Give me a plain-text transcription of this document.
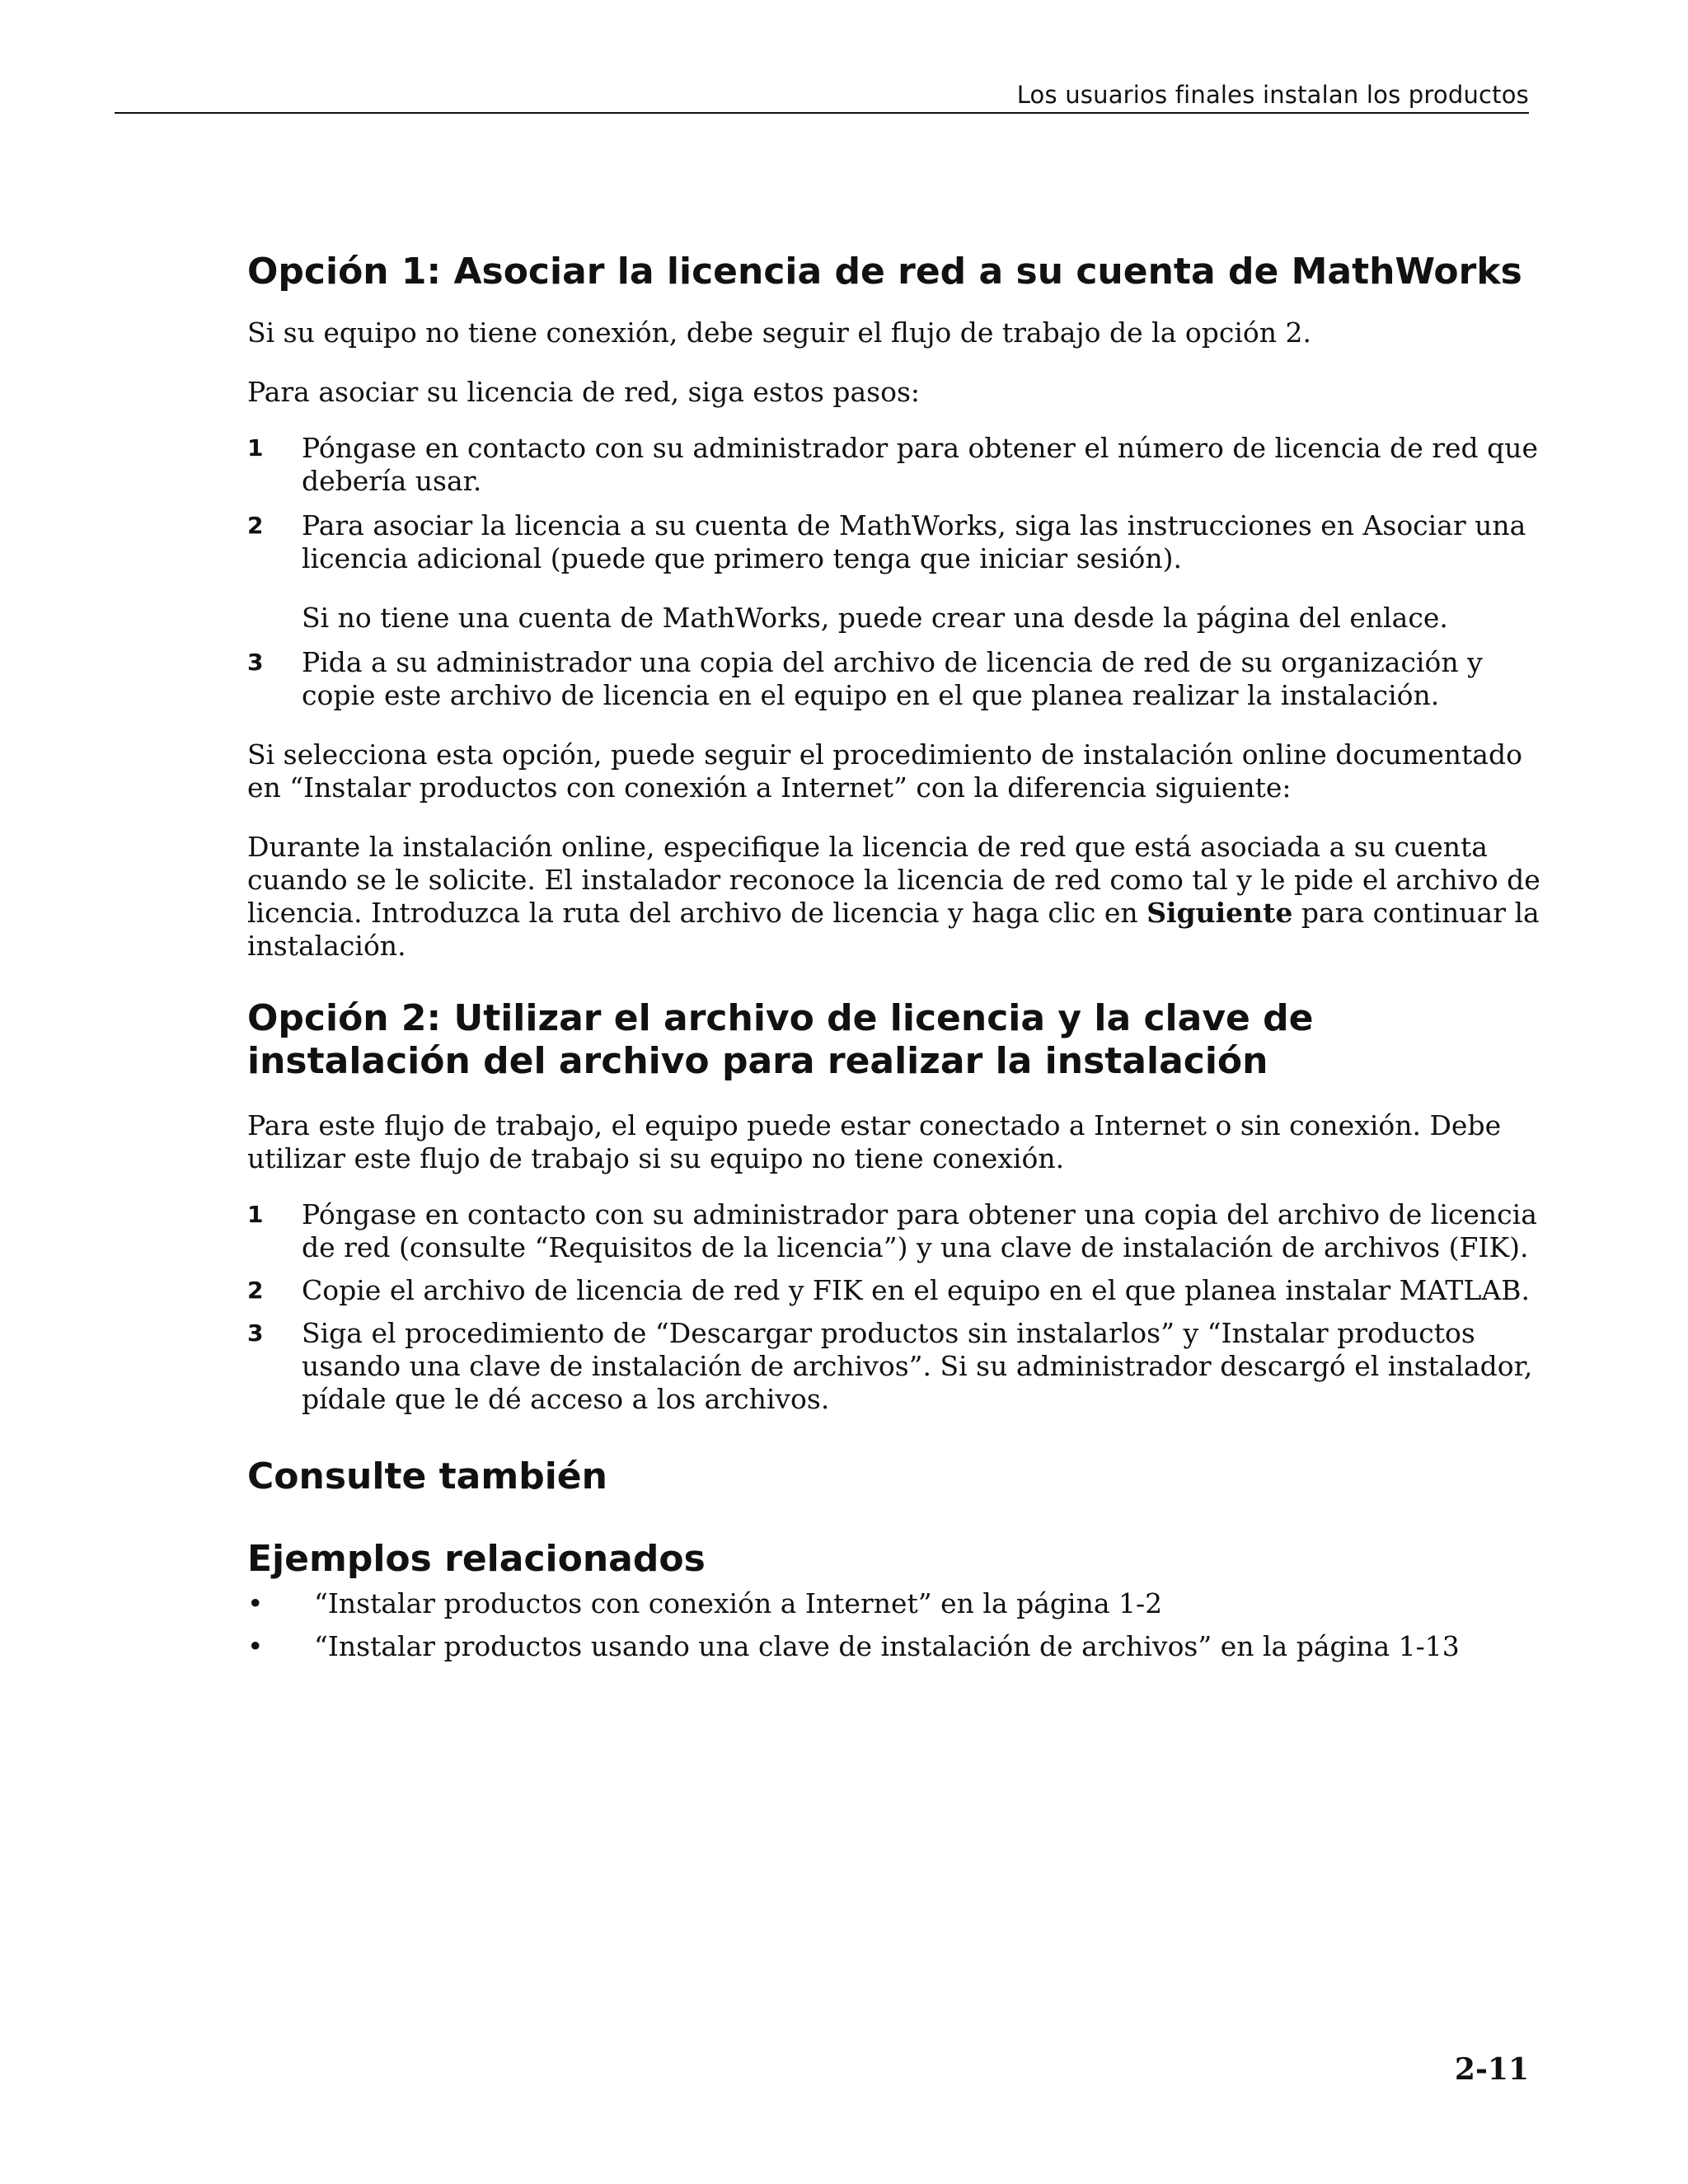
Los usuarios finales instalan los productos
Opción 1: Asociar la licencia de red a su cuenta de MathWorks

Si su equipo no tiene conexión, debe seguir el flujo de trabajo de la opción 2.

Para asociar su licencia de red, siga estos pasos:

1 Póngase en contacto con su administrador para obtener el número de licencia de red que debería usar.
2 Para asociar la licencia a su cuenta de MathWorks, siga las instrucciones en Asociar una licencia adicional (puede que primero tenga que iniciar sesión).

Si no tiene una cuenta de MathWorks, puede crear una desde la página del enlace.

3 Pida a su administrador una copia del archivo de licencia de red de su organización y copie este archivo de licencia en el equipo en el que planea realizar la instalación.

Si selecciona esta opción, puede seguir el procedimiento de instalación online documentado en “Instalar productos con conexión a Internet” con la diferencia siguiente:

Durante la instalación online, especifique la licencia de red que está asociada a su cuenta cuando se le solicite. El instalador reconoce la licencia de red como tal y le pide el archivo de licencia. Introduzca la ruta del archivo de licencia y haga clic en Siguiente para continuar la instalación.

Opción 2: Utilizar el archivo de licencia y la clave de instalación del archivo para realizar la instalación

Para este flujo de trabajo, el equipo puede estar conectado a Internet o sin conexión. Debe utilizar este flujo de trabajo si su equipo no tiene conexión.

1 Póngase en contacto con su administrador para obtener una copia del archivo de licencia de red (consulte “Requisitos de la licencia”) y una clave de instalación de archivos (FIK).
2 Copie el archivo de licencia de red y FIK en el equipo en el que planea instalar MATLAB.
3 Siga el procedimiento de “Descargar productos sin instalarlos” y “Instalar productos usando una clave de instalación de archivos”. Si su administrador descargó el instalador, pídale que le dé acceso a los archivos.
Consulte también
Ejemplos relacionados
• “Instalar productos con conexión a Internet” en la página 1-2
• “Instalar productos usando una clave de instalación de archivos” en la página 1-13
2-11
